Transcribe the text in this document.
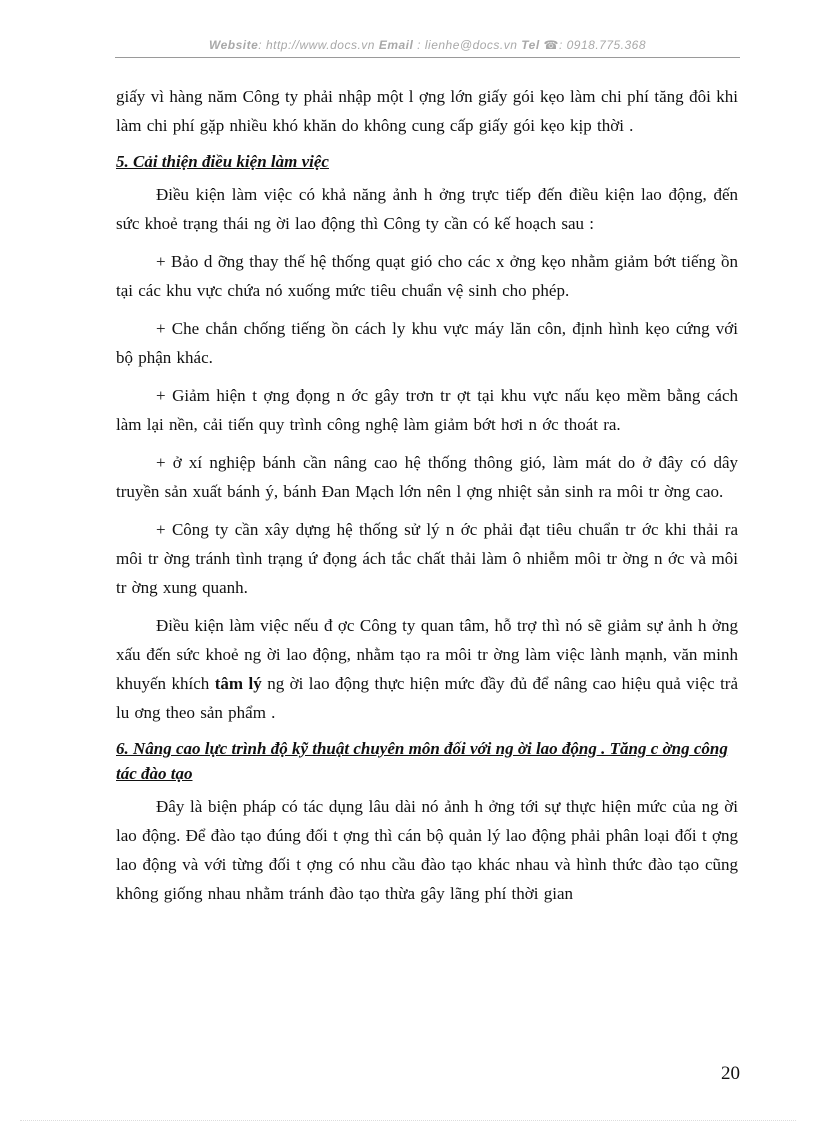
Website: http://www.docs.vn Email : lienhe@docs.vn Tel ☎: 0918.775.368

giấy vì hàng năm Công ty phải nhập một l ợng lớn giấy gói kẹo làm chi phí tăng đôi khi làm chi phí gặp nhiều khó khăn do không cung cấp giấy gói kẹo kịp thời .

5. Cải thiện điều kiện làm việc

Điều kiện làm việc có khả năng ảnh h ởng trực tiếp đến điều kiện lao động, đến sức khoẻ trạng thái ng ời lao động thì Công ty cần có kế hoạch sau :

+ Bảo d ỡng thay thế hệ thống quạt gió cho các x ởng kẹo nhằm giảm bớt tiếng ồn tại các khu vực chứa nó xuống mức tiêu chuẩn vệ sinh cho phép.

+ Che chắn chống tiếng ồn cách ly khu vực máy lăn côn, định hình kẹo cứng với bộ phận khác.

+ Giảm hiện t ợng đọng n ớc gây trơn tr ợt tại khu vực nấu kẹo mềm bằng cách làm lại nền, cải tiến quy trình công nghệ làm giảm bớt hơi n ớc thoát ra.

+ ở xí nghiệp bánh cần nâng cao hệ thống thông gió, làm mát do ở đây có dây truyền sản xuất bánh ý, bánh Đan Mạch lớn nên l ợng nhiệt sản sinh ra môi tr ờng cao.

+ Công ty cần xây dựng hệ thống sử lý n ớc phải đạt tiêu chuẩn tr ớc khi thải ra môi tr ờng tránh tình trạng ứ đọng ách tắc chất thải làm ô nhiễm môi tr ờng n ớc và môi tr ờng xung quanh.

Điều kiện làm việc nếu đ ợc Công ty quan tâm, hỗ trợ thì nó sẽ giảm sự ảnh h ởng xấu đến sức khoẻ ng ời lao động, nhằm tạo ra môi tr ờng làm việc lành mạnh, văn minh khuyến khích tâm lý ng ời lao động thực hiện mức đầy đủ để nâng cao hiệu quả việc trả lu ơng theo sản phẩm .

6. Nâng cao lực trình độ kỹ thuật chuyên môn đối với ng ời lao động . Tăng c ờng công tác đào tạo

Đây là biện pháp có tác dụng lâu dài nó ảnh h ởng tới sự thực hiện mức của ng ời lao động. Để đào tạo đúng đối t ợng thì cán bộ quản lý lao động phải phân loại đối t ợng lao động và với từng đối t ợng có nhu cầu đào tạo khác nhau và hình thức đào tạo cũng không giống nhau nhằm tránh đào tạo thừa gây lãng phí thời gian

20
